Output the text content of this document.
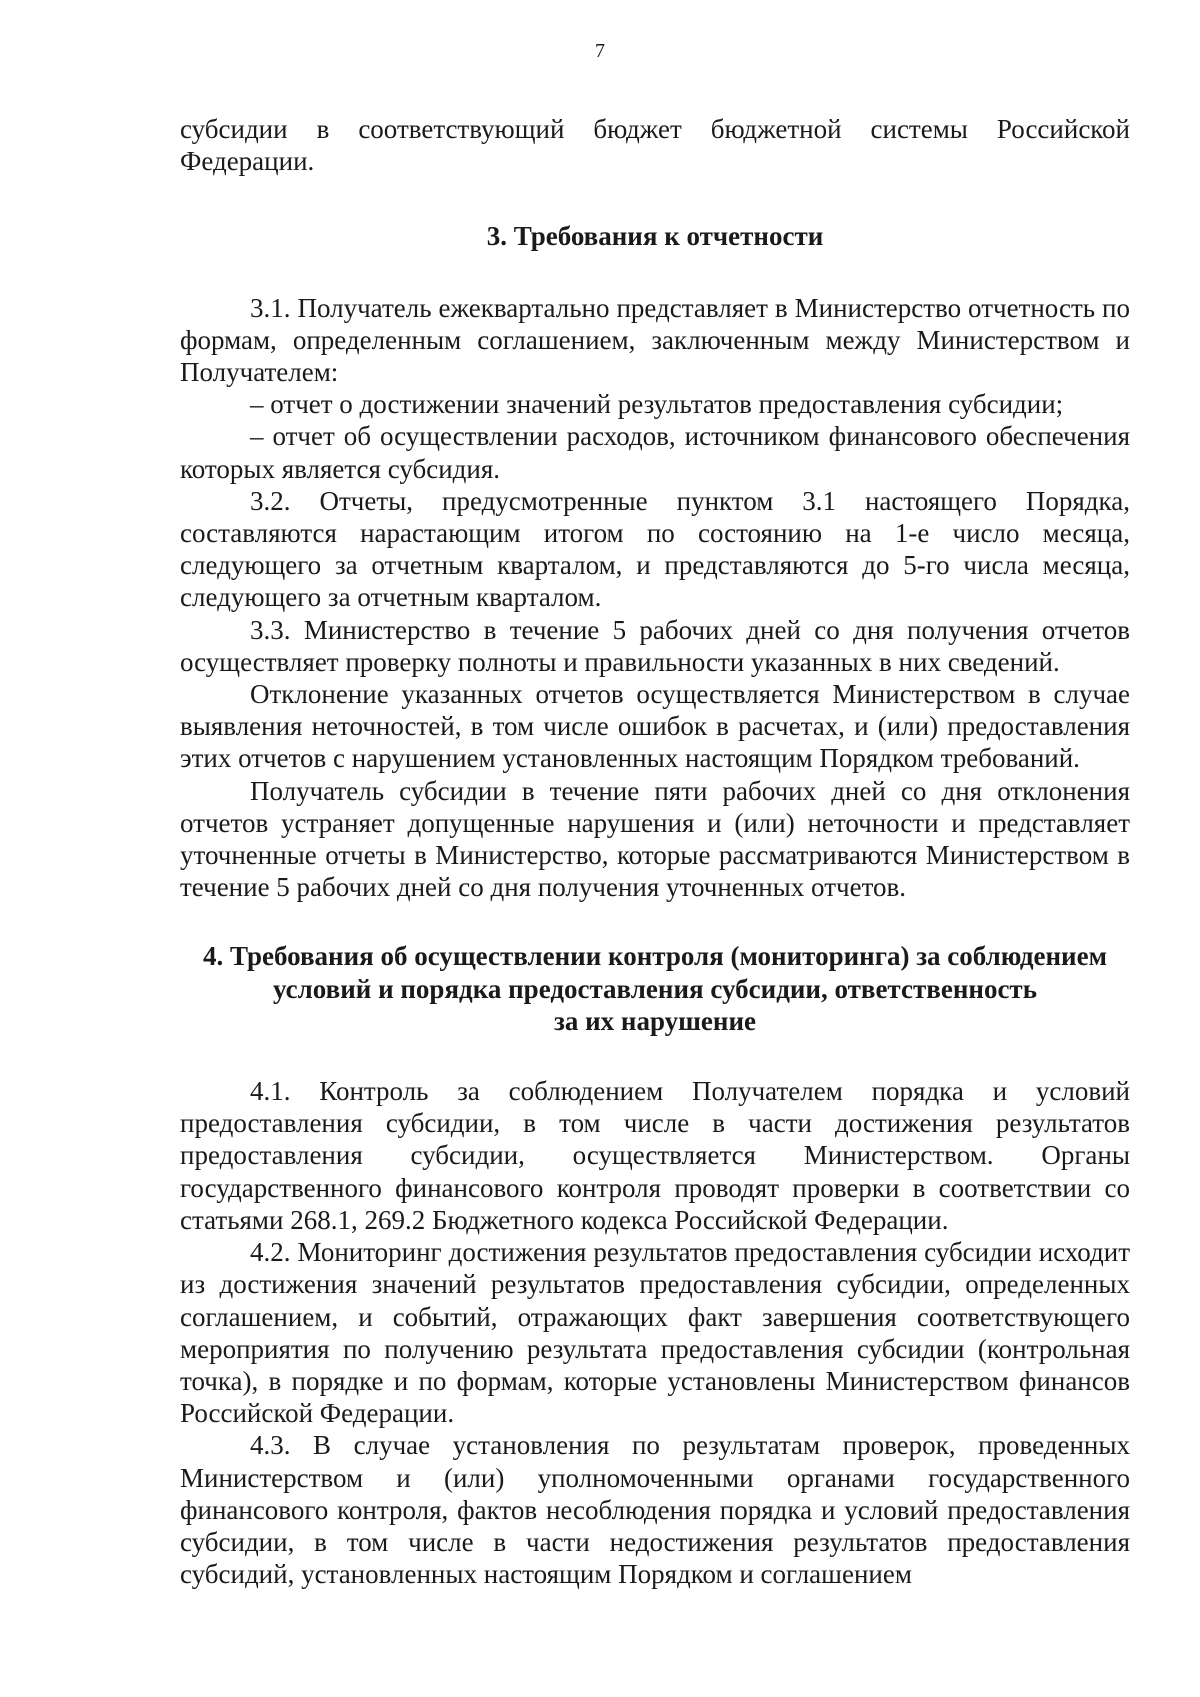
7

субсидии в соответствующий бюджет бюджетной системы Российской Федерации.

3. Требования к отчетности

3.1. Получатель ежеквартально представляет в Министерство отчетность по формам, определенным соглашением, заключенным между Министерством и Получателем:

– отчет о достижении значений результатов предоставления субсидии;

– отчет об осуществлении расходов, источником финансового обеспечения которых является субсидия.

3.2. Отчеты, предусмотренные пунктом 3.1 настоящего Порядка, составляются нарастающим итогом по состоянию на 1-е число месяца, следующего за отчетным кварталом, и представляются до 5-го числа месяца, следующего за отчетным кварталом.

3.3. Министерство в течение 5 рабочих дней со дня получения отчетов осуществляет проверку полноты и правильности указанных в них сведений.

Отклонение указанных отчетов осуществляется Министерством в случае выявления неточностей, в том числе ошибок в расчетах, и (или) предоставления этих отчетов с нарушением установленных настоящим Порядком требований.

Получатель субсидии в течение пяти рабочих дней со дня отклонения отчетов устраняет допущенные нарушения и (или) неточности и представляет уточненные отчеты в Министерство, которые рассматриваются Министерством в течение 5 рабочих дней со дня получения уточненных отчетов.

4. Требования об осуществлении контроля (мониторинга) за соблюдением
условий и порядка предоставления субсидии, ответственность
за их нарушение

4.1. Контроль за соблюдением Получателем порядка и условий предоставления субсидии, в том числе в части достижения результатов предоставления субсидии, осуществляется Министерством. Органы государственного финансового контроля проводят проверки в соответствии со статьями 268.1, 269.2 Бюджетного кодекса Российской Федерации.

4.2. Мониторинг достижения результатов предоставления субсидии исходит из достижения значений результатов предоставления субсидии, определенных соглашением, и событий, отражающих факт завершения соответствующего мероприятия по получению результата предоставления субсидии (контрольная точка), в порядке и по формам, которые установлены Министерством финансов Российской Федерации.

4.3. В случае установления по результатам проверок, проведенных Министерством и (или) уполномоченными органами государственного финансового контроля, фактов несоблюдения порядка и условий предоставления субсидии, в том числе в части недостижения результатов предоставления субсидий, установленных настоящим Порядком и соглашением
